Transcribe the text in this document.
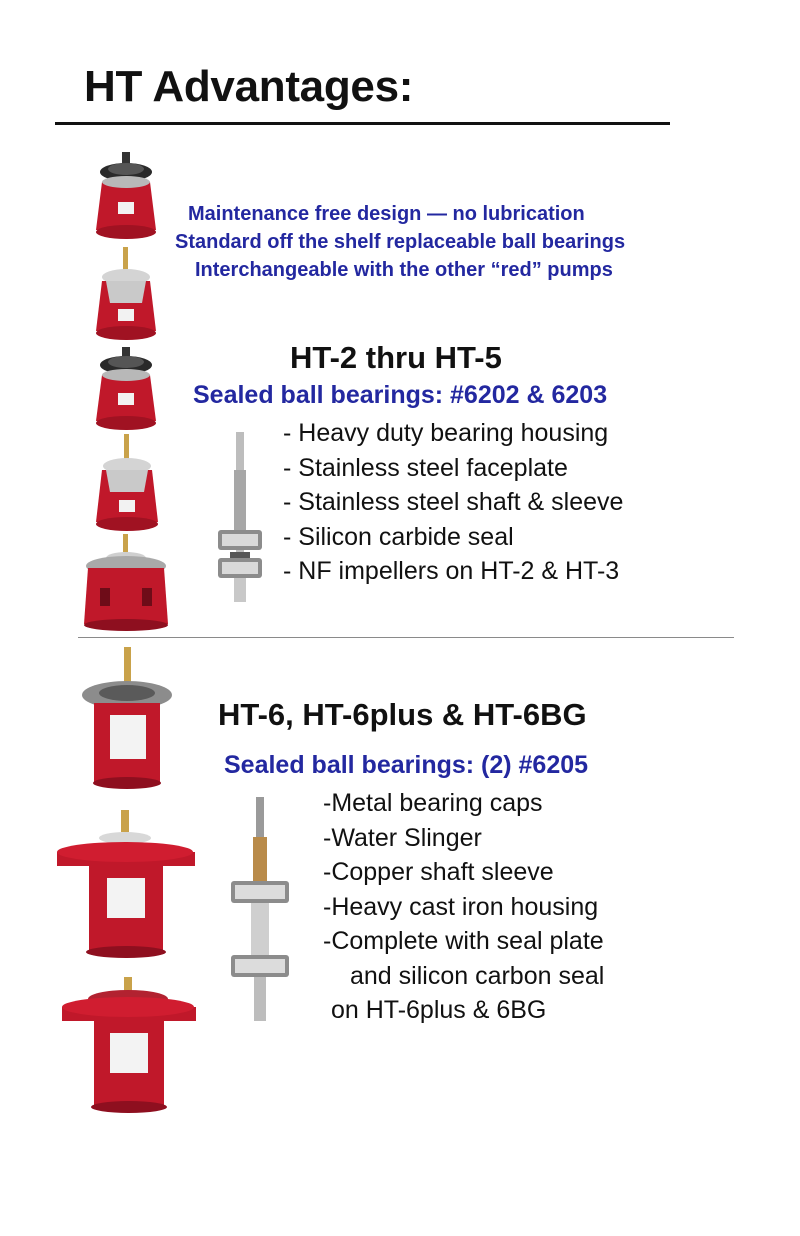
HT Advantages:
Maintenance free design — no lubrication
Standard off the shelf replaceable ball bearings
Interchangeable with the other “red” pumps
HT-2 thru HT-5
Sealed ball bearings: #6202 & 6203
- Heavy duty bearing housing
- Stainless steel faceplate
- Stainless steel shaft & sleeve
- Silicon carbide seal
- NF impellers on HT-2 & HT-3
HT-6, HT-6plus & HT-6BG
Sealed ball bearings: (2) #6205
-Metal bearing caps
-Water Slinger
-Copper shaft sleeve
-Heavy cast iron housing
-Complete with seal plate
and silicon carbon seal
on HT-6plus & 6BG
